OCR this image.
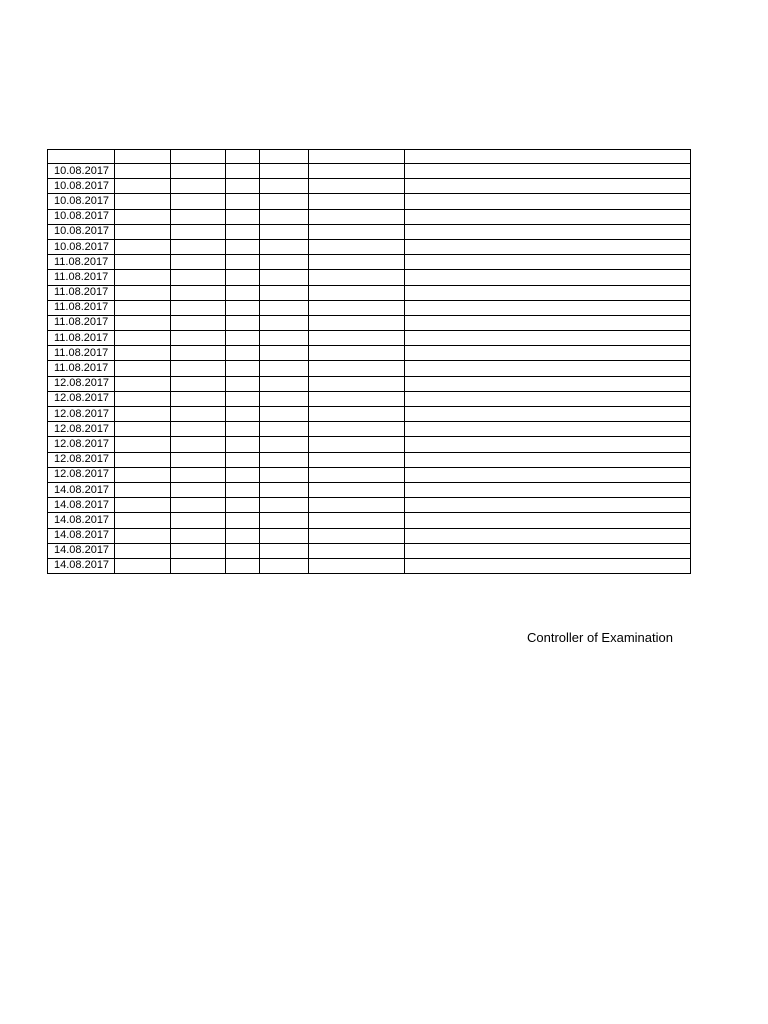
10.08.2017						
10.08.2017						
10.08.2017						
10.08.2017						
10.08.2017						
10.08.2017						
11.08.2017						
11.08.2017						
11.08.2017						
11.08.2017						
11.08.2017						
11.08.2017						
11.08.2017						
11.08.2017						
12.08.2017						
12.08.2017						
12.08.2017						
12.08.2017						
12.08.2017						
12.08.2017						
12.08.2017						
14.08.2017						
14.08.2017						
14.08.2017						
14.08.2017						
14.08.2017						
14.08.2017						
Controller of Examination
